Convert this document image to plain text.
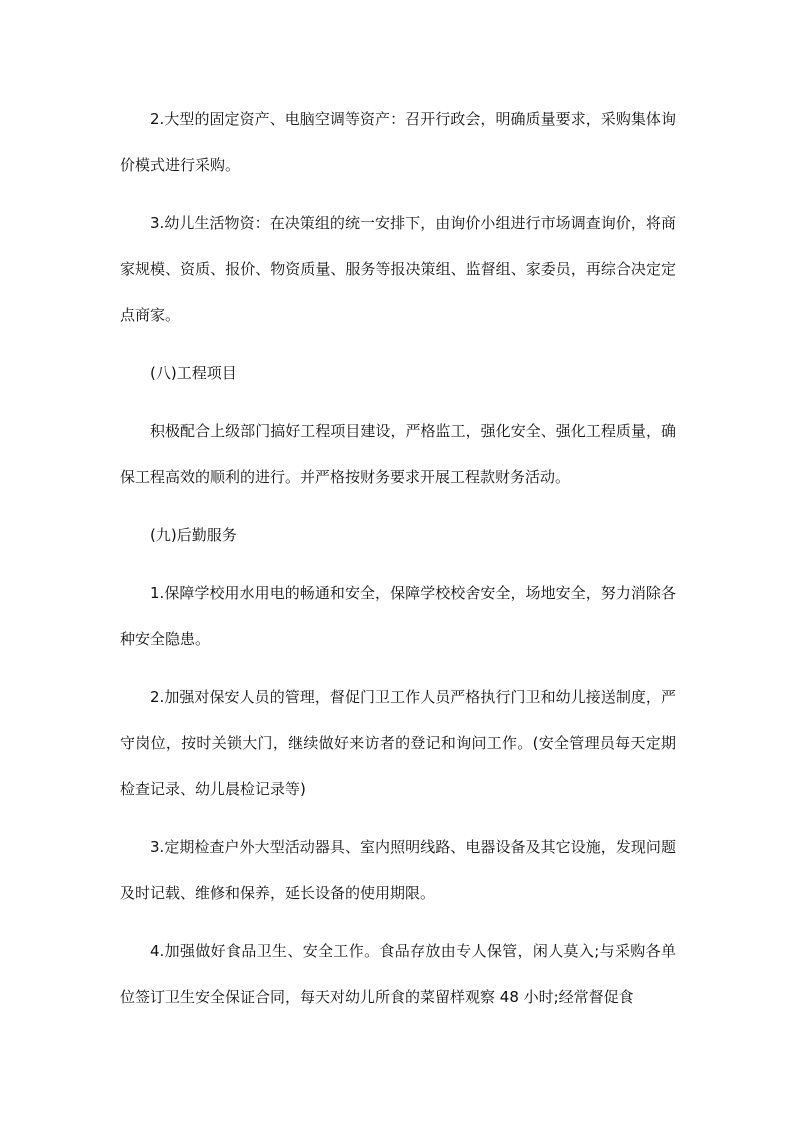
2.大型的固定资产、电脑空调等资产：召开行政会，明确质量要求，采购集体询价模式进行采购。

3.幼儿生活物资：在决策组的统一安排下，由询价小组进行市场调查询价，将商家规模、资质、报价、物资质量、服务等报决策组、监督组、家委员，再综合决定定点商家。

(八)工程项目

积极配合上级部门搞好工程项目建设，严格监工，强化安全、强化工程质量，确保工程高效的顺利的进行。并严格按财务要求开展工程款财务活动。

(九)后勤服务

1.保障学校用水用电的畅通和安全，保障学校校舍安全，场地安全，努力消除各种安全隐患。

2.加强对保安人员的管理，督促门卫工作人员严格执行门卫和幼儿接送制度，严守岗位，按时关锁大门，继续做好来访者的登记和询问工作。(安全管理员每天定期检查记录、幼儿晨检记录等)

3.定期检查户外大型活动器具、室内照明线路、电器设备及其它设施，发现问题及时记载、维修和保养，延长设备的使用期限。

4.加强做好食品卫生、安全工作。食品存放由专人保管，闲人莫入;与采购各单位签订卫生安全保证合同，每天对幼儿所食的菜留样观察 48 小时;经常督促食
